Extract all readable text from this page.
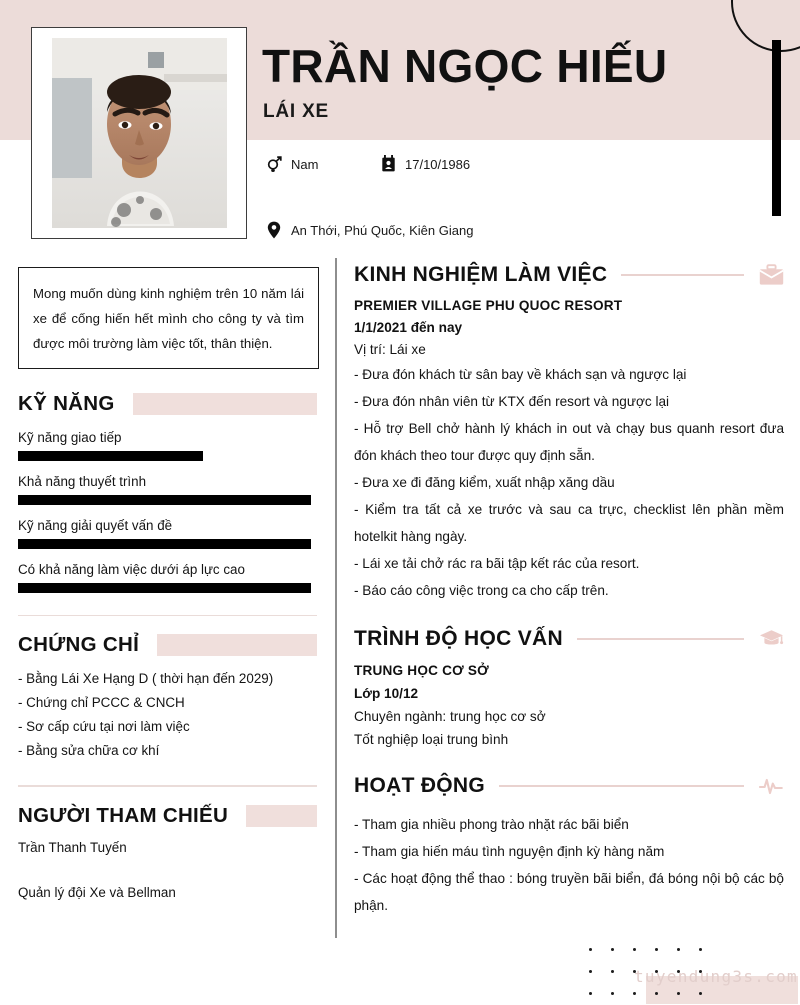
TRẦN NGỌC HIẾU
LÁI XE
Nam	17/10/1986
An Thới, Phú Quốc, Kiên Giang
Mong muốn dùng kinh nghiệm trên 10 năm lái xe để cống hiến hết mình cho công ty và tìm được môi trường làm việc tốt, thân thiện.
KỸ NĂNG
Kỹ năng giao tiếp
Khả năng thuyết trình
Kỹ năng giải quyết vấn đề
Có khả năng làm việc dưới áp lực cao
CHỨNG CHỈ
- Bằng Lái Xe Hạng D ( thời hạn đến 2029)
- Chứng chỉ PCCC & CNCH
- Sơ cấp cứu tại nơi làm việc
- Bằng sửa chữa cơ khí
NGƯỜI THAM CHIẾU
Trần Thanh Tuyến
Quản lý đội Xe và Bellman
KINH NGHIỆM LÀM VIỆC
PREMIER VILLAGE PHU QUOC RESORT
1/1/2021 đến nay
Vị trí: Lái xe
- Đưa đón khách từ sân bay về khách sạn và ngược lại
- Đưa đón nhân viên từ KTX đến resort và ngược lại
- Hỗ trợ Bell chở hành lý khách in out và chạy bus quanh resort đưa đón khách theo tour được quy định sẵn.
- Đưa xe đi đăng kiểm, xuất nhập xăng dầu
- Kiểm tra tất cả xe trước và sau ca trực, checklist lên phần mềm hotelkit hàng ngày.
- Lái xe tải chở rác ra bãi tập kết rác của resort.
- Báo cáo công việc trong ca cho cấp trên.
TRÌNH ĐỘ HỌC VẤN
TRUNG HỌC CƠ SỞ
Lớp 10/12
Chuyên ngành: trung học cơ sở
Tốt nghiệp loại trung bình
HOẠT ĐỘNG
- Tham gia nhiều phong trào nhặt rác bãi biển
- Tham gia hiến máu tình nguyện định kỳ hàng năm
- Các hoạt động thể thao : bóng truyền bãi biển, đá bóng nội bộ các bộ phận.
tuyendung3s.com
